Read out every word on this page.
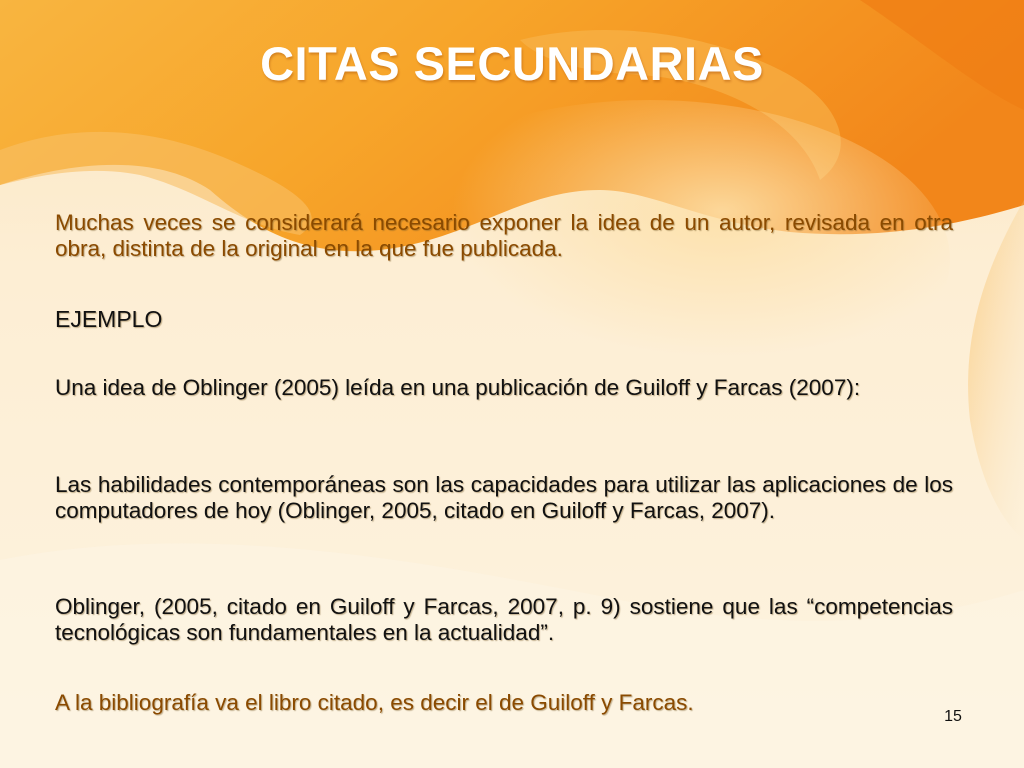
CITAS SECUNDARIAS

Muchas veces se considerará necesario exponer la idea de un autor, revisada en otra obra, distinta de la original en la que fue publicada.

EJEMPLO

Una idea de Oblinger (2005) leída en una publicación de Guiloff y Farcas (2007):

Las habilidades contemporáneas son las capacidades para utilizar las aplicaciones de los computadores de hoy (Oblinger, 2005, citado en Guiloff y Farcas, 2007).

Oblinger, (2005, citado en Guiloff y Farcas, 2007, p. 9) sostiene que las “competencias tecnológicas son fundamentales en la actualidad”.

A la bibliografía va el libro citado, es decir el de Guiloff y Farcas.

15
